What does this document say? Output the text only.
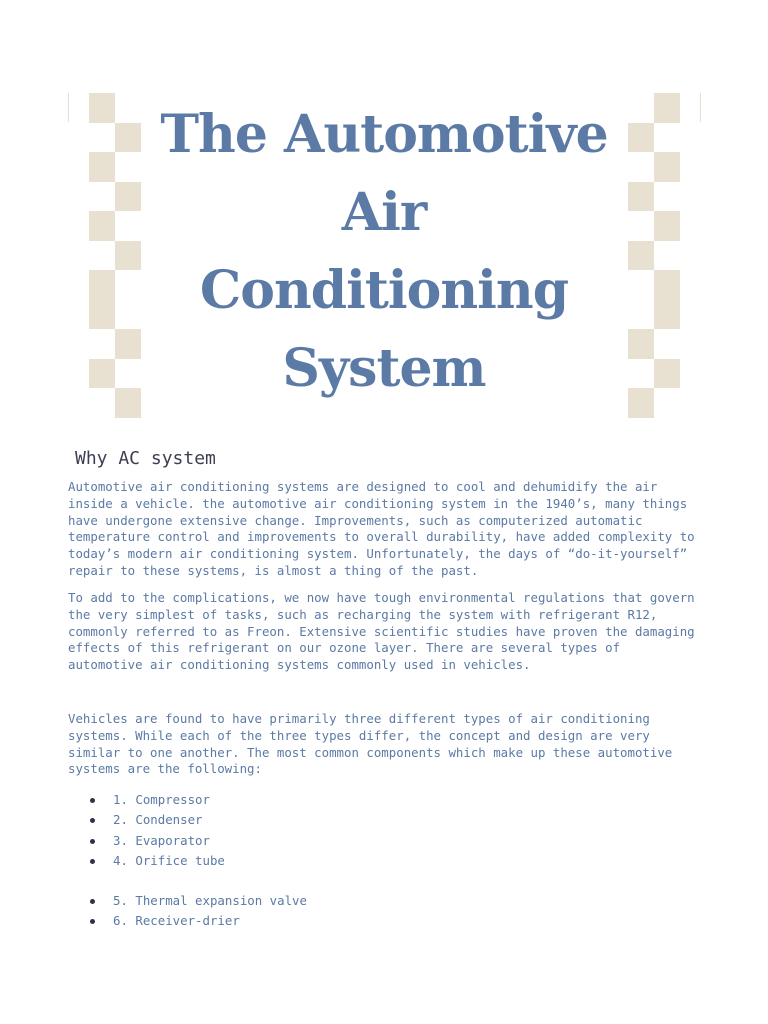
The Automotive
Air Conditioning
System
Why AC system

Automotive air conditioning systems are designed to cool and dehumidify the air
inside a vehicle. the automotive air conditioning system in the 1940’s, many things
have undergone extensive change. Improvements, such as computerized automatic
temperature control and improvements to overall durability, have added complexity to
today’s modern air conditioning system. Unfortunately, the days of “do-it-yourself”
repair to these systems, is almost a thing of the past.

To add to the complications, we now have tough environmental regulations that govern
the very simplest of tasks, such as recharging the system with refrigerant R12,
commonly referred to as Freon. Extensive scientific studies have proven the damaging
effects of this refrigerant on our ozone layer. There are several types of
automotive air conditioning systems commonly used in vehicles.

Vehicles are found to have primarily three different types of air conditioning
systems. While each of the three types differ, the concept and design are very
similar to one another. The most common components which make up these automotive
systems are the following:

1. Compressor
2. Condenser
3. Evaporator
4. Orifice tube
5. Thermal expansion valve
6. Receiver-drier
